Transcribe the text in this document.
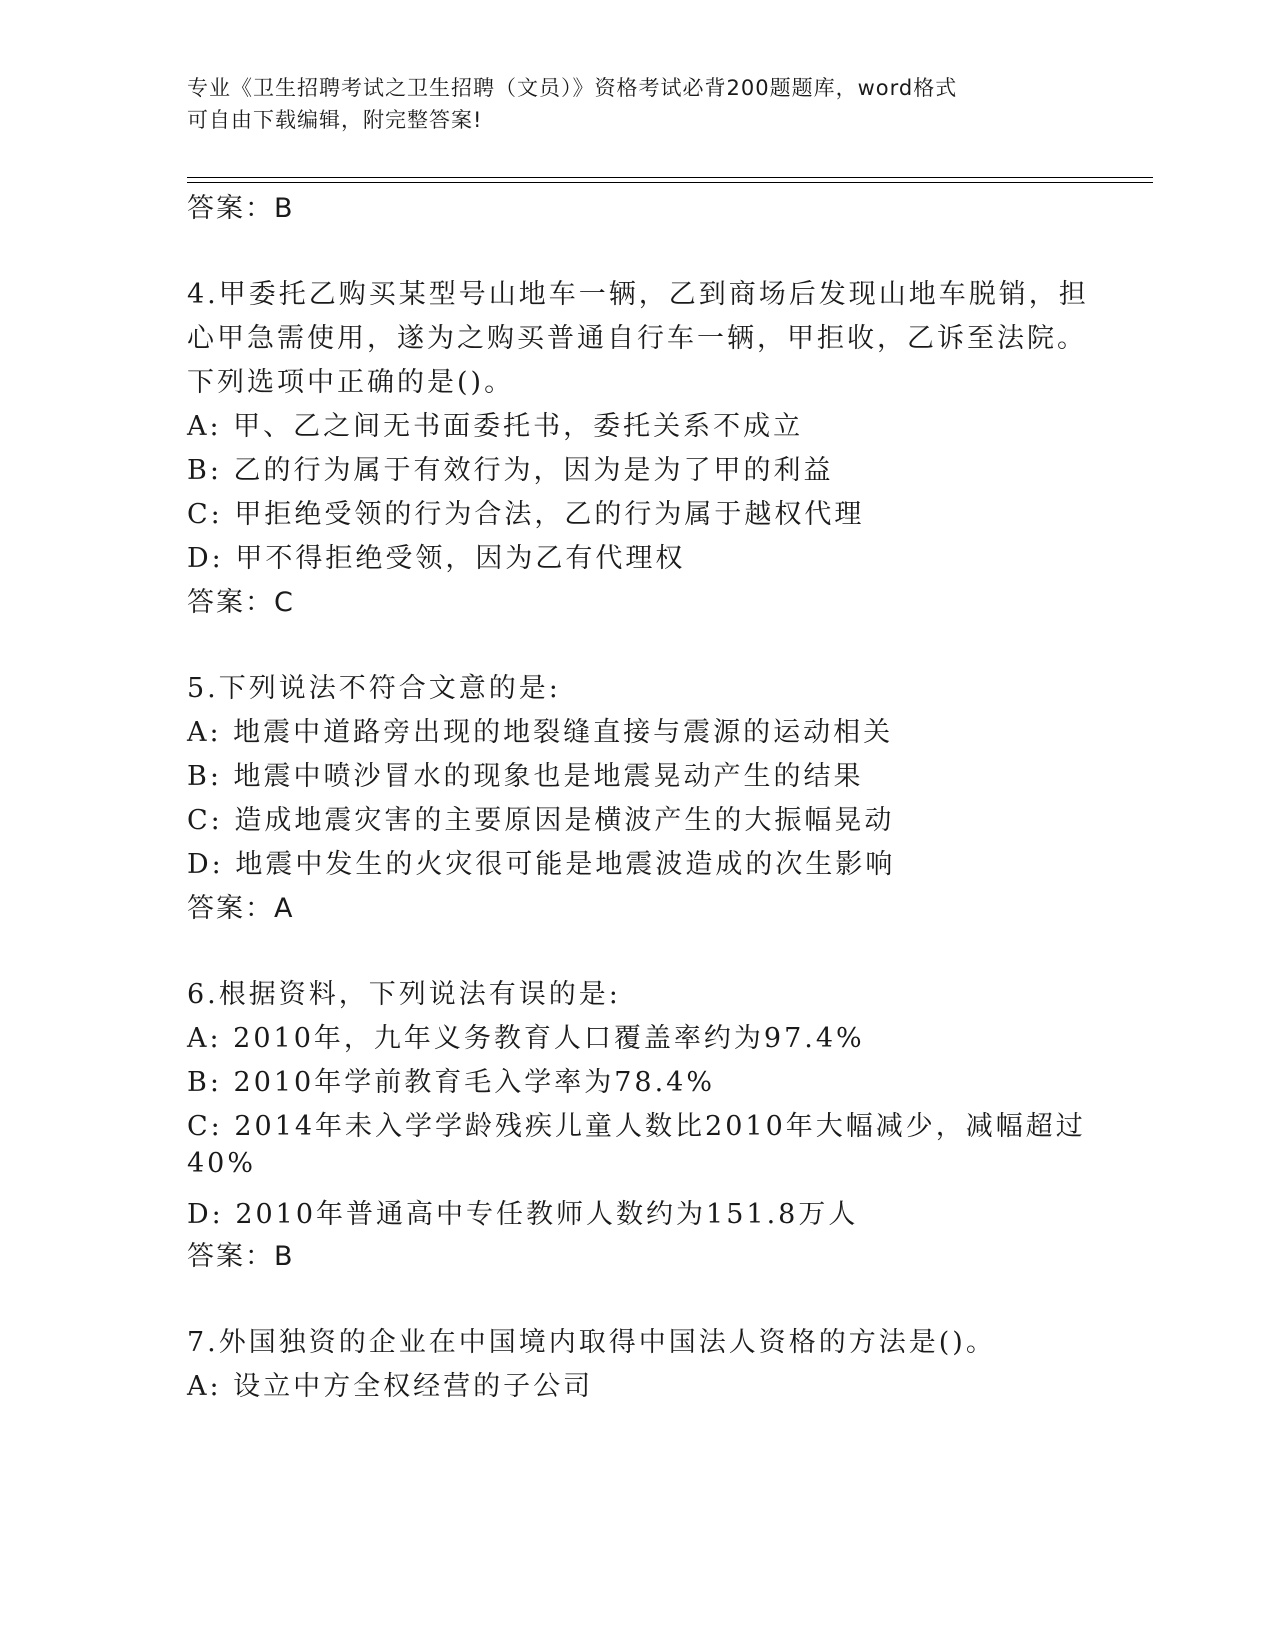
专业《卫生招聘考试之卫生招聘（文员）》资格考试必背200题题库，word格式
可自由下载编辑，附完整答案!
答案：B
4.甲委托乙购买某型号山地车一辆，乙到商场后发现山地车脱销，担
心甲急需使用，遂为之购买普通自行车一辆，甲拒收，乙诉至法院。
下列选项中正确的是()。
A: 甲、乙之间无书面委托书，委托关系不成立
B: 乙的行为属于有效行为，因为是为了甲的利益
C: 甲拒绝受领的行为合法，乙的行为属于越权代理
D: 甲不得拒绝受领，因为乙有代理权
答案：C
5.下列说法不符合文意的是:
A: 地震中道路旁出现的地裂缝直接与震源的运动相关
B: 地震中喷沙冒水的现象也是地震晃动产生的结果
C: 造成地震灾害的主要原因是横波产生的大振幅晃动
D: 地震中发生的火灾很可能是地震波造成的次生影响
答案：A
6.根据资料，下列说法有误的是:
A: 2010年，九年义务教育人口覆盖率约为97.4%
B: 2010年学前教育毛入学率为78.4%
C: 2014年未入学学龄残疾儿童人数比2010年大幅减少，减幅超过
40%
D: 2010年普通高中专任教师人数约为151.8万人
答案：B
7.外国独资的企业在中国境内取得中国法人资格的方法是()。
A: 设立中方全权经营的子公司
